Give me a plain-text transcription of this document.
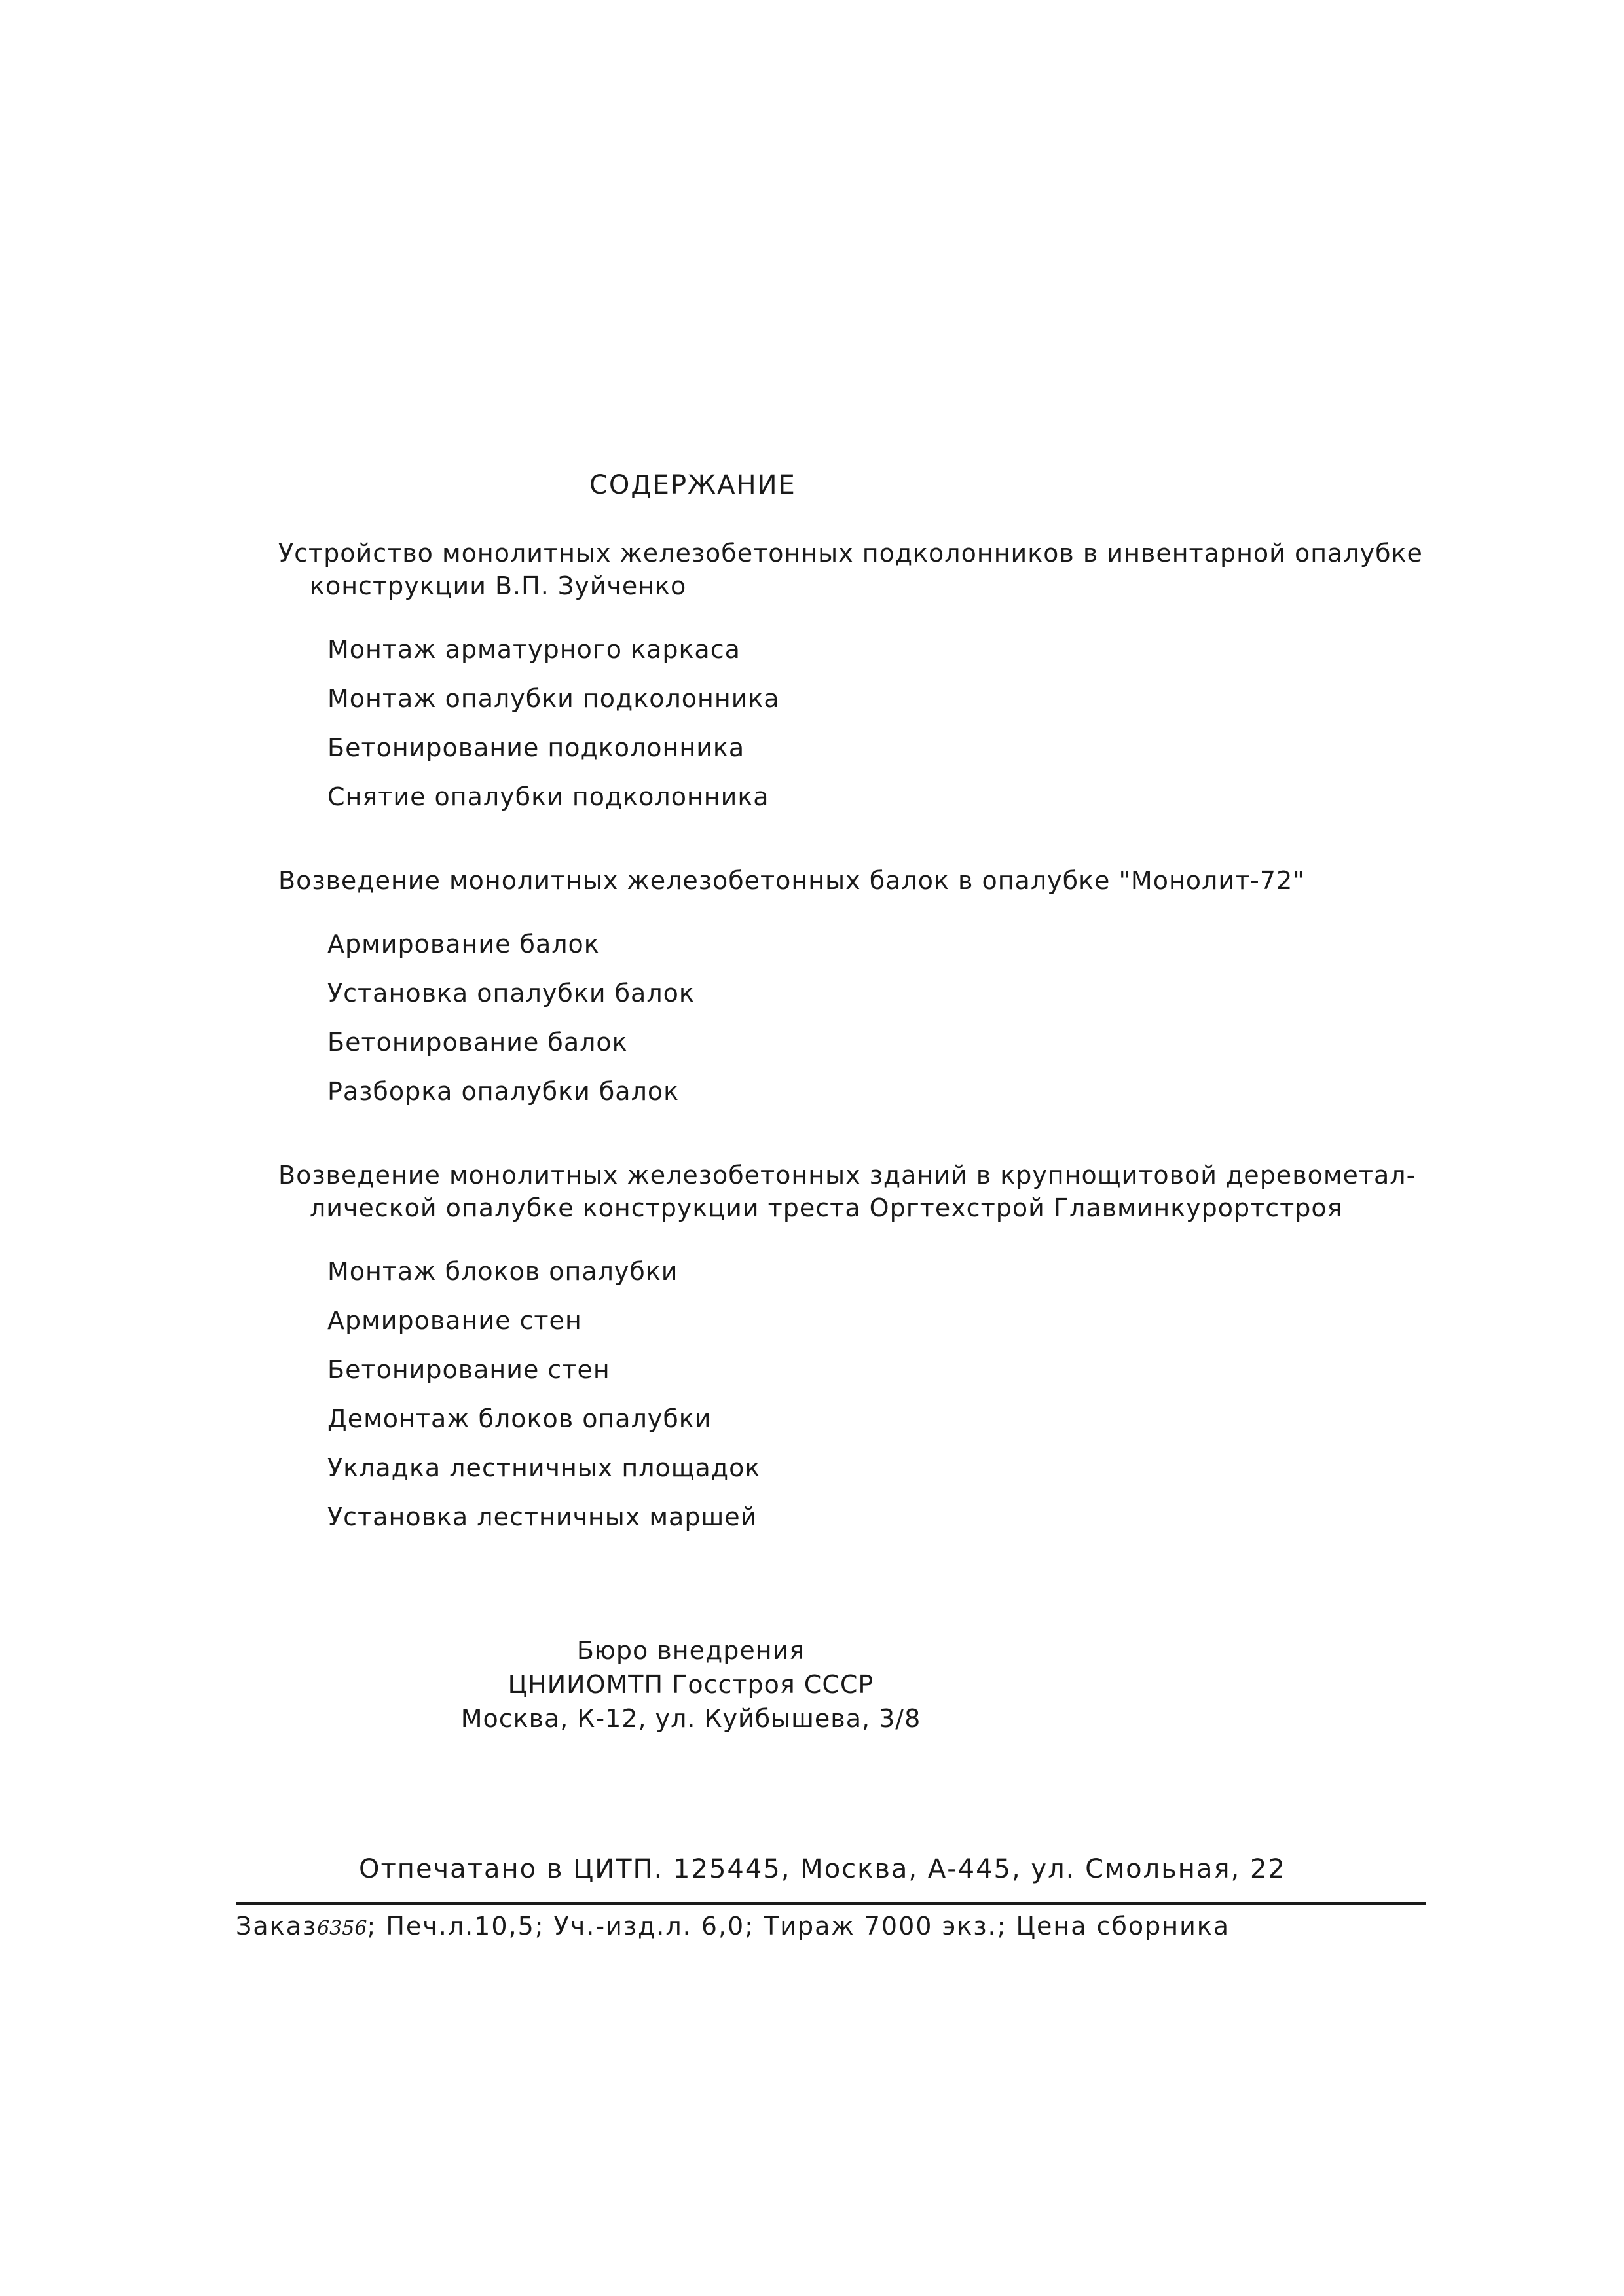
СОДЕРЖАНИЕ
Устройство монолитных железобетонных подколонников в инвентарной опалубке
конструкции В.П. Зуйченко
Монтаж арматурного каркаса
Монтаж опалубки подколонника
Бетонирование подколонника
Снятие опалубки подколонника
Возведение монолитных железобетонных балок в опалубке "Монолит-72"
Армирование балок
Установка опалубки балок
Бетонирование балок
Разборка опалубки балок
Возведение монолитных железобетонных зданий в крупнощитовой деревометал-
лической опалубке конструкции треста Оргтехстрой Главминкурортстроя
Монтаж блоков опалубки
Армирование стен
Бетонирование стен
Демонтаж блоков опалубки
Укладка лестничных площадок
Установка лестничных маршей
Бюро внедрения
ЦНИИОМТП Госстроя СССР
Москва, К-12, ул. Куйбышева, 3/8
Отпечатано в ЦИТП. 125445, Москва, А-445, ул. Смольная, 22
Заказ6356; Печ.л.10,5; Уч.-изд.л. 6,0; Тираж 7000 экз.; Цена сборника
